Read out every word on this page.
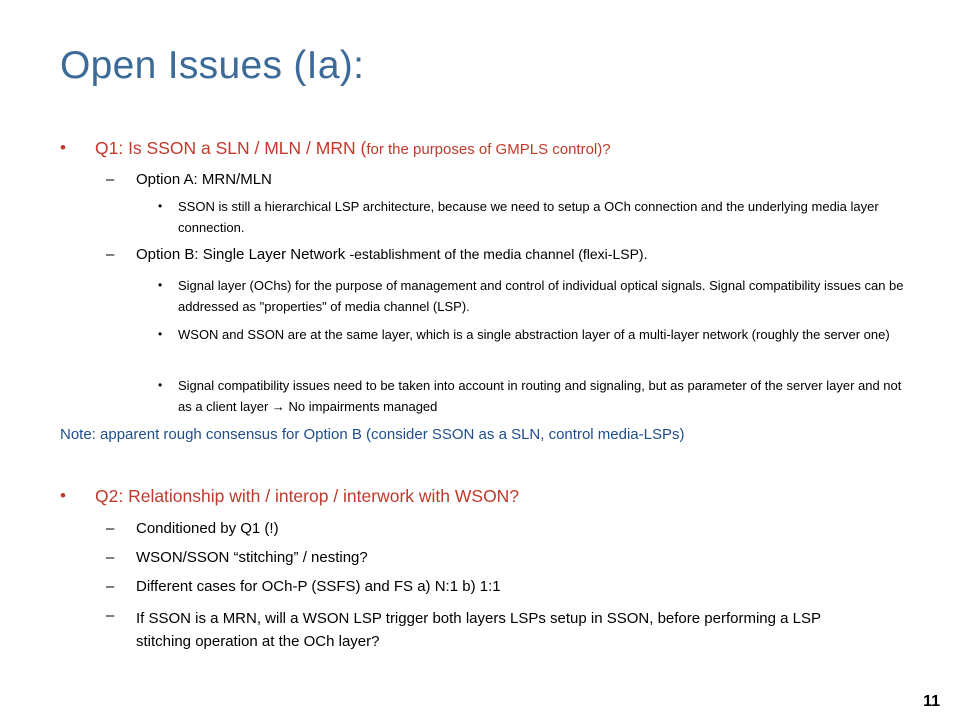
Open Issues (Ia):
• Q1: Is SSON a SLN / MLN / MRN (for the purposes of GMPLS control)?
– Option A: MRN/MLN
• SSON is still a hierarchical LSP architecture, because we need to setup a OCh connection and the underlying media layer connection.
– Option B: Single Layer Network -establishment of the media channel (flexi-LSP).
• Signal layer (OChs) for the purpose of management and control of individual optical signals. Signal compatibility issues can be addressed as "properties" of media channel (LSP).
• WSON and SSON are at the same layer, which is a single abstraction layer of a multi-layer network (roughly the server one)
• Signal compatibility issues need to be taken into account in routing and signaling, but as parameter of the server layer and not as a client layer → No impairments managed
Note: apparent rough consensus for Option B (consider SSON as a SLN, control media-LSPs)
• Q2: Relationship with / interop / interwork with WSON?
– Conditioned by Q1 (!)
– WSON/SSON “stitching” / nesting?
– Different cases for OCh-P (SSFS) and FS a) N:1 b) 1:1
– If SSON is a MRN, will a WSON LSP trigger both layers LSPs setup in SSON, before performing a LSP stitching operation at the OCh layer?
11
